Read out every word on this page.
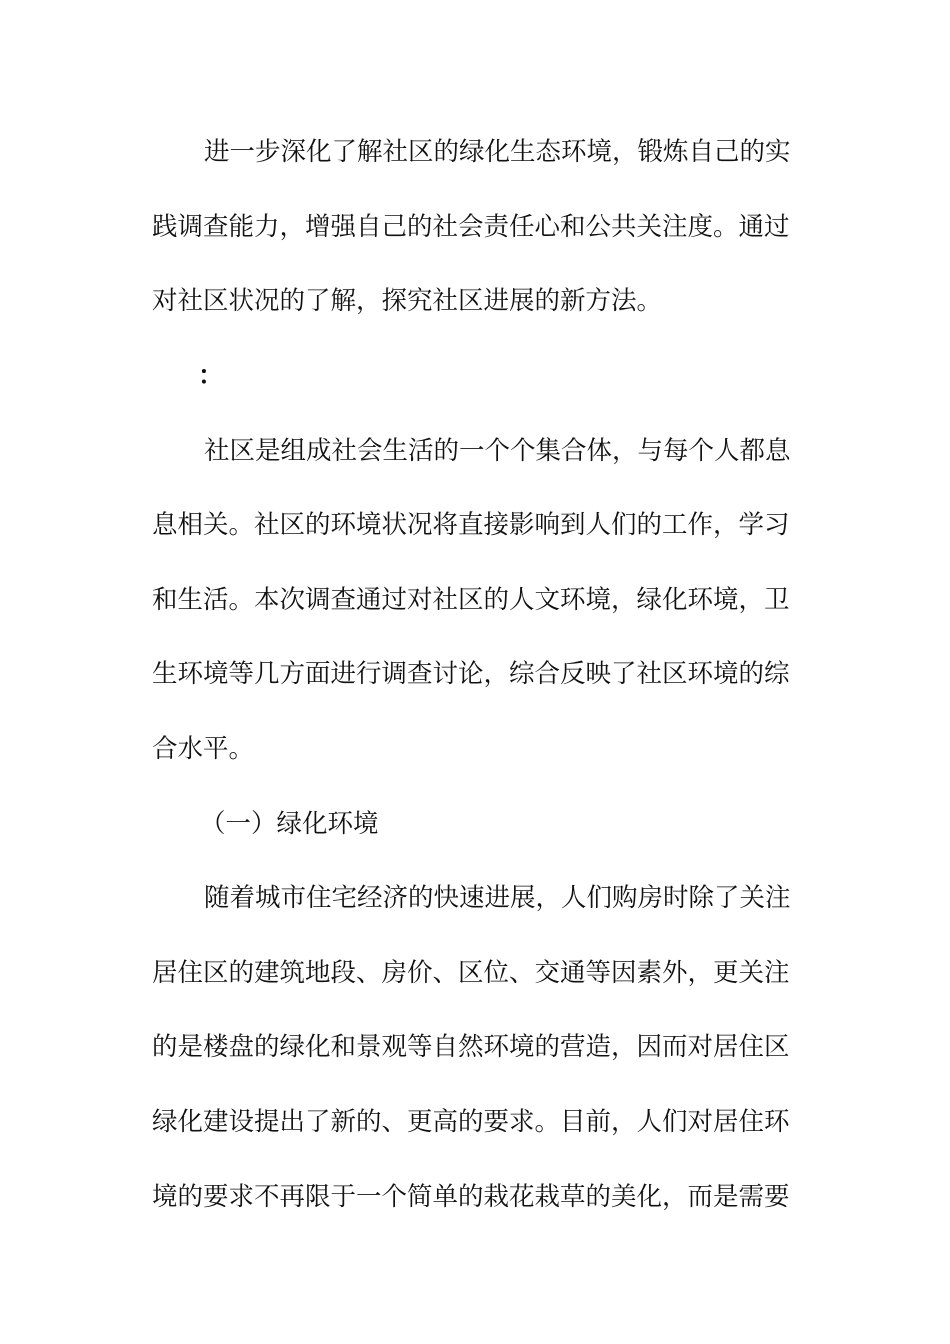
进一步深化了解社区的绿化生态环境，锻炼自己的实
践调查能力，增强自己的社会责任心和公共关注度。通过
对社区状况的了解，探究社区进展的新方法。
：
社区是组成社会生活的一个个集合体，与每个人都息
息相关。社区的环境状况将直接影响到人们的工作，学习
和生活。本次调查通过对社区的人文环境，绿化环境，卫
生环境等几方面进行调查讨论，综合反映了社区环境的综
合水平。
（一）绿化环境
随着城市住宅经济的快速进展，人们购房时除了关注
居住区的建筑地段、房价、区位、交通等因素外，更关注
的是楼盘的绿化和景观等自然环境的营造，因而对居住区
绿化建设提出了新的、更高的要求。目前，人们对居住环
境的要求不再限于一个简单的栽花栽草的美化，而是需要
